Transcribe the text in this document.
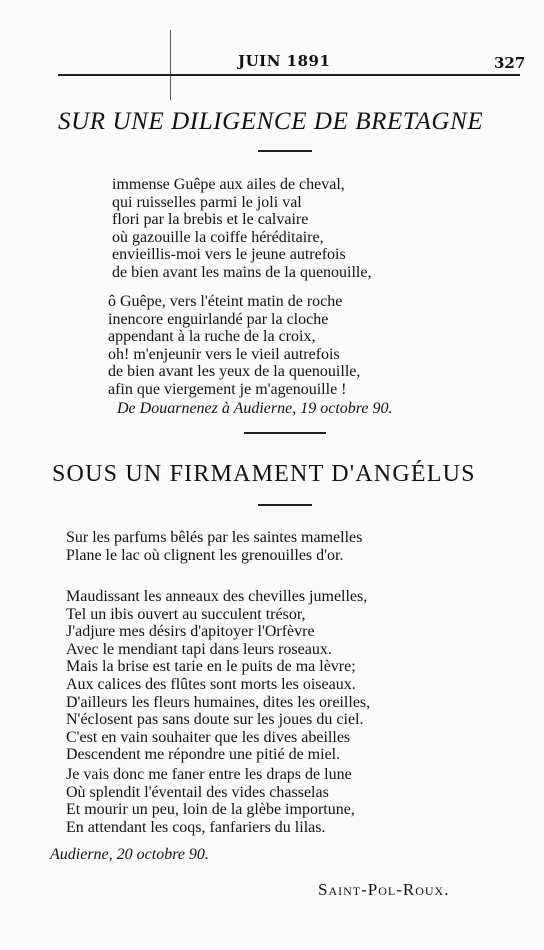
JUIN 1891	327
SUR UNE DILIGENCE DE BRETAGNE
immense Guêpe aux ailes de cheval,
qui ruisselles parmi le joli val
flori par la brebis et le calvaire
où gazouille la coiffe héréditaire,
envieillis-moi vers le jeune autrefois
de bien avant les mains de la quenouille,
ô Guêpe, vers l'éteint matin de roche
inencore enguirlandé par la cloche
appendant à la ruche de la croix,
oh! m'enjeunir vers le vieil autrefois
de bien avant les yeux de la quenouille,
afin que viergement je m'agenouille !
De Douarnenez à Audierne, 19 octobre 90.
SOUS UN FIRMAMENT D'ANGÉLUS
Sur les parfums bêlés par les saintes mamelles
Plane le lac où clignent les grenouilles d'or.
Maudissant les anneaux des chevilles jumelles,
Tel un ibis ouvert au succulent trésor,
J'adjure mes désirs d'apitoyer l'Orfèvre
Avec le mendiant tapi dans leurs roseaux.
Mais la brise est tarie en le puits de ma lèvre;
Aux calices des flûtes sont morts les oiseaux.
D'ailleurs les fleurs humaines, dites les oreilles,
N'éclosent pas sans doute sur les joues du ciel.
C'est en vain souhaiter que les dives abeilles
Descendent me répondre une pitié de miel.
Je vais donc me faner entre les draps de lune
Où splendit l'éventail des vides chasselas
Et mourir un peu, loin de la glèbe importune,
En attendant les coqs, fanfariers du lilas.
Audierne, 20 octobre 90.
Saint-Pol-Roux.
